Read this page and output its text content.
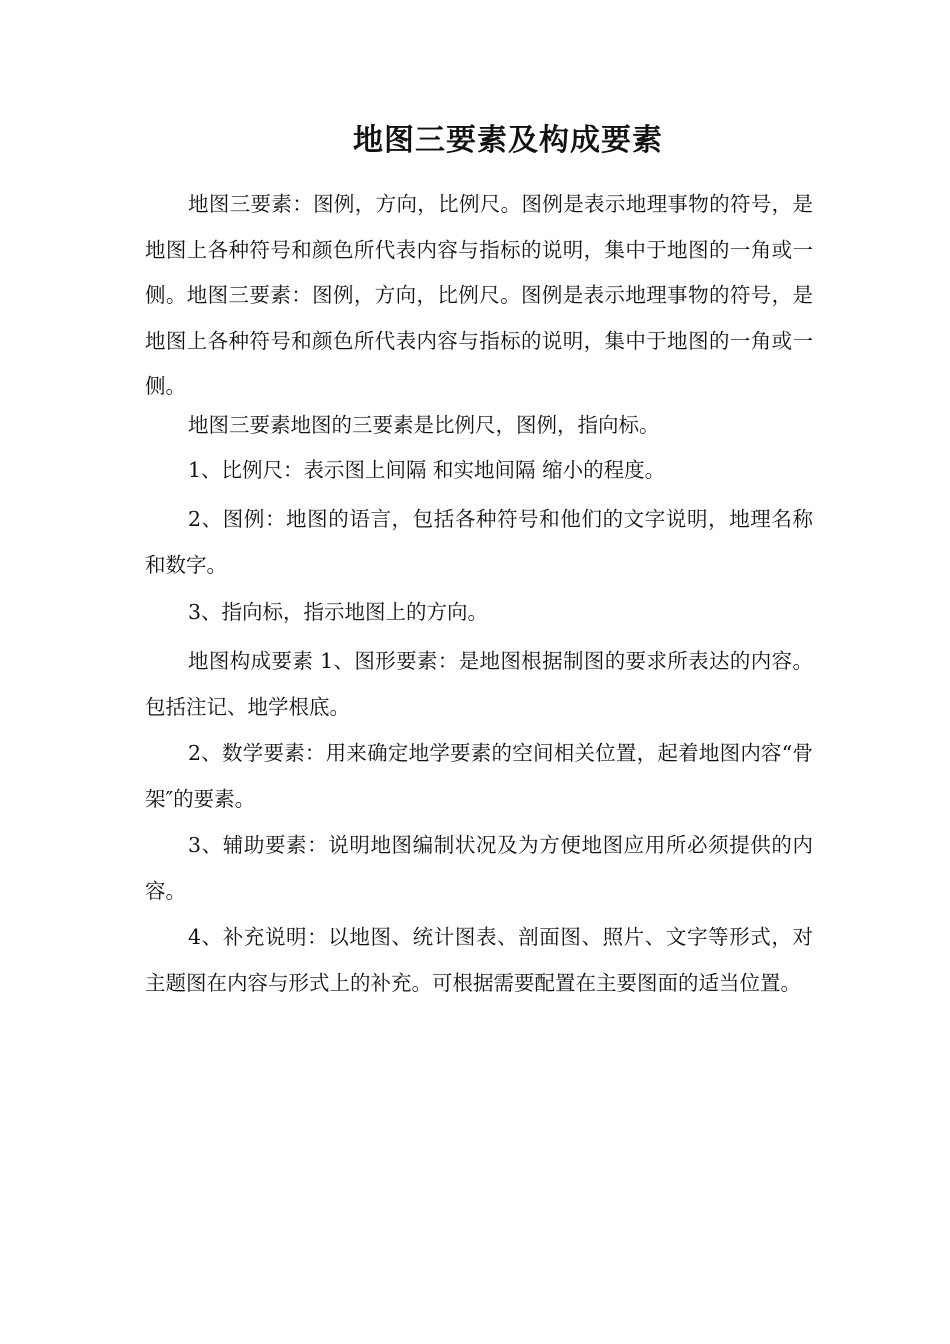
地图三要素及构成要素

地图三要素：图例，方向，比例尺。图例是表示地理事物的符号，是地图上各种符号和颜色所代表内容与指标的说明，集中于地图的一角或一侧。地图三要素：图例，方向，比例尺。图例是表示地理事物的符号，是地图上各种符号和颜色所代表内容与指标的说明，集中于地图的一角或一侧。

地图三要素地图的三要素是比例尺，图例，指向标。

1、比例尺：表示图上间隔 和实地间隔 缩小的程度。

2、图例：地图的语言，包括各种符号和他们的文字说明，地理名称和数字。

3、指向标，指示地图上的方向。

地图构成要素 1、图形要素：是地图根据制图的要求所表达的内容。包括注记、地学根底。

2、数学要素：用来确定地学要素的空间相关位置，起着地图内容“骨架″的要素。

3、辅助要素：说明地图编制状况及为方便地图应用所必须提供的内容。

4、补充说明：以地图、统计图表、剖面图、照片、文字等形式，对主题图在内容与形式上的补充。可根据需要配置在主要图面的适当位置。
